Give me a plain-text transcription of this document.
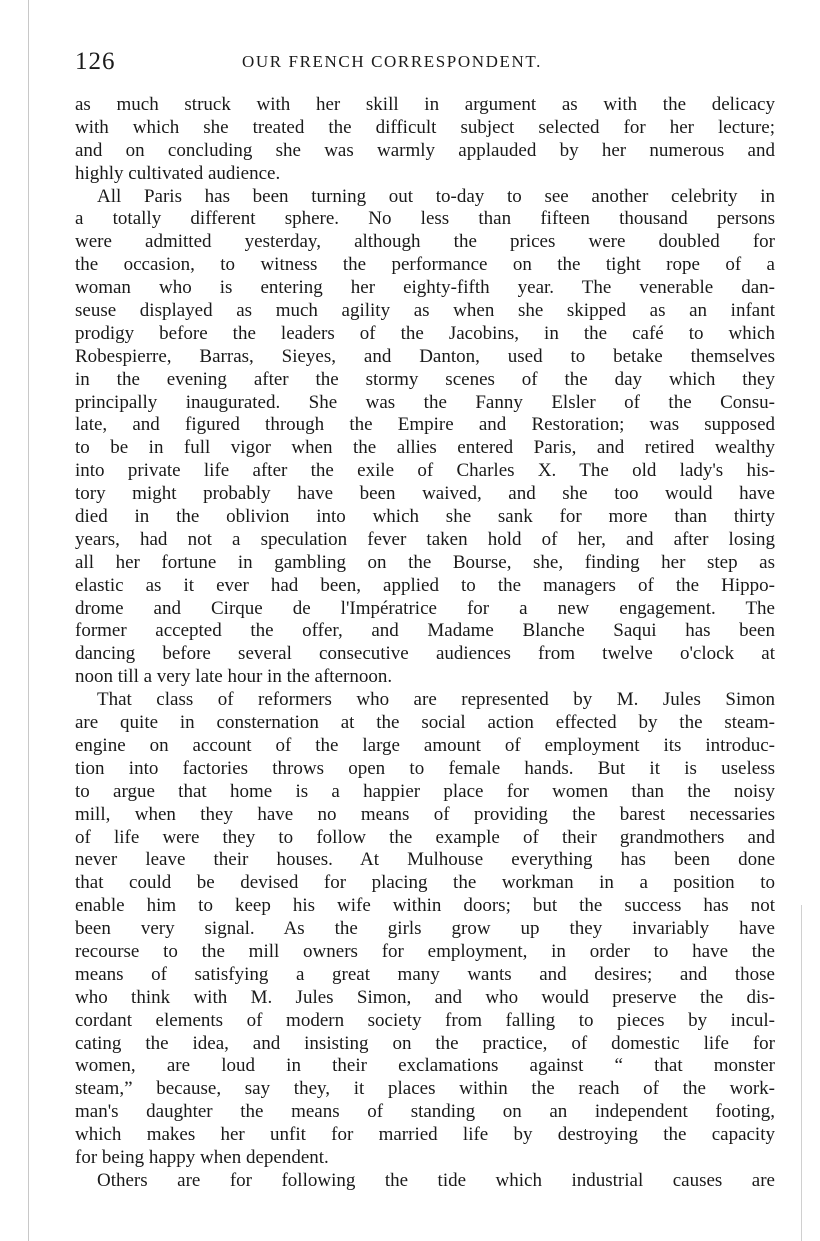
126	OUR FRENCH CORRESPONDENT.
as much struck with her skill in argument as with the delicacy
with which she treated the difficult subject selected for her lecture;
and on concluding she was warmly applauded by her numerous and
highly cultivated audience.
All Paris has been turning out to-day to see another celebrity in
a totally different sphere. No less than fifteen thousand persons
were admitted yesterday, although the prices were doubled for
the occasion, to witness the performance on the tight rope of a
woman who is entering her eighty-fifth year. The venerable dan-
seuse displayed as much agility as when she skipped as an infant
prodigy before the leaders of the Jacobins, in the café to which
Robespierre, Barras, Sieyes, and Danton, used to betake themselves
in the evening after the stormy scenes of the day which they
principally inaugurated. She was the Fanny Elsler of the Consu-
late, and figured through the Empire and Restoration; was supposed
to be in full vigor when the allies entered Paris, and retired wealthy
into private life after the exile of Charles X. The old lady's his-
tory might probably have been waived, and she too would have
died in the oblivion into which she sank for more than thirty
years, had not a speculation fever taken hold of her, and after losing
all her fortune in gambling on the Bourse, she, finding her step as
elastic as it ever had been, applied to the managers of the Hippo-
drome and Cirque de l'Impératrice for a new engagement. The
former accepted the offer, and Madame Blanche Saqui has been
dancing before several consecutive audiences from twelve o'clock at
noon till a very late hour in the afternoon.
That class of reformers who are represented by M. Jules Simon
are quite in consternation at the social action effected by the steam-
engine on account of the large amount of employment its introduc-
tion into factories throws open to female hands. But it is useless
to argue that home is a happier place for women than the noisy
mill, when they have no means of providing the barest necessaries
of life were they to follow the example of their grandmothers and
never leave their houses. At Mulhouse everything has been done
that could be devised for placing the workman in a position to
enable him to keep his wife within doors; but the success has not
been very signal. As the girls grow up they invariably have
recourse to the mill owners for employment, in order to have the
means of satisfying a great many wants and desires; and those
who think with M. Jules Simon, and who would preserve the dis-
cordant elements of modern society from falling to pieces by incul-
cating the idea, and insisting on the practice, of domestic life for
women, are loud in their exclamations against “ that monster
steam,” because, say they, it places within the reach of the work-
man's daughter the means of standing on an independent footing,
which makes her unfit for married life by destroying the capacity
for being happy when dependent.
Others are for following the tide which industrial causes are
